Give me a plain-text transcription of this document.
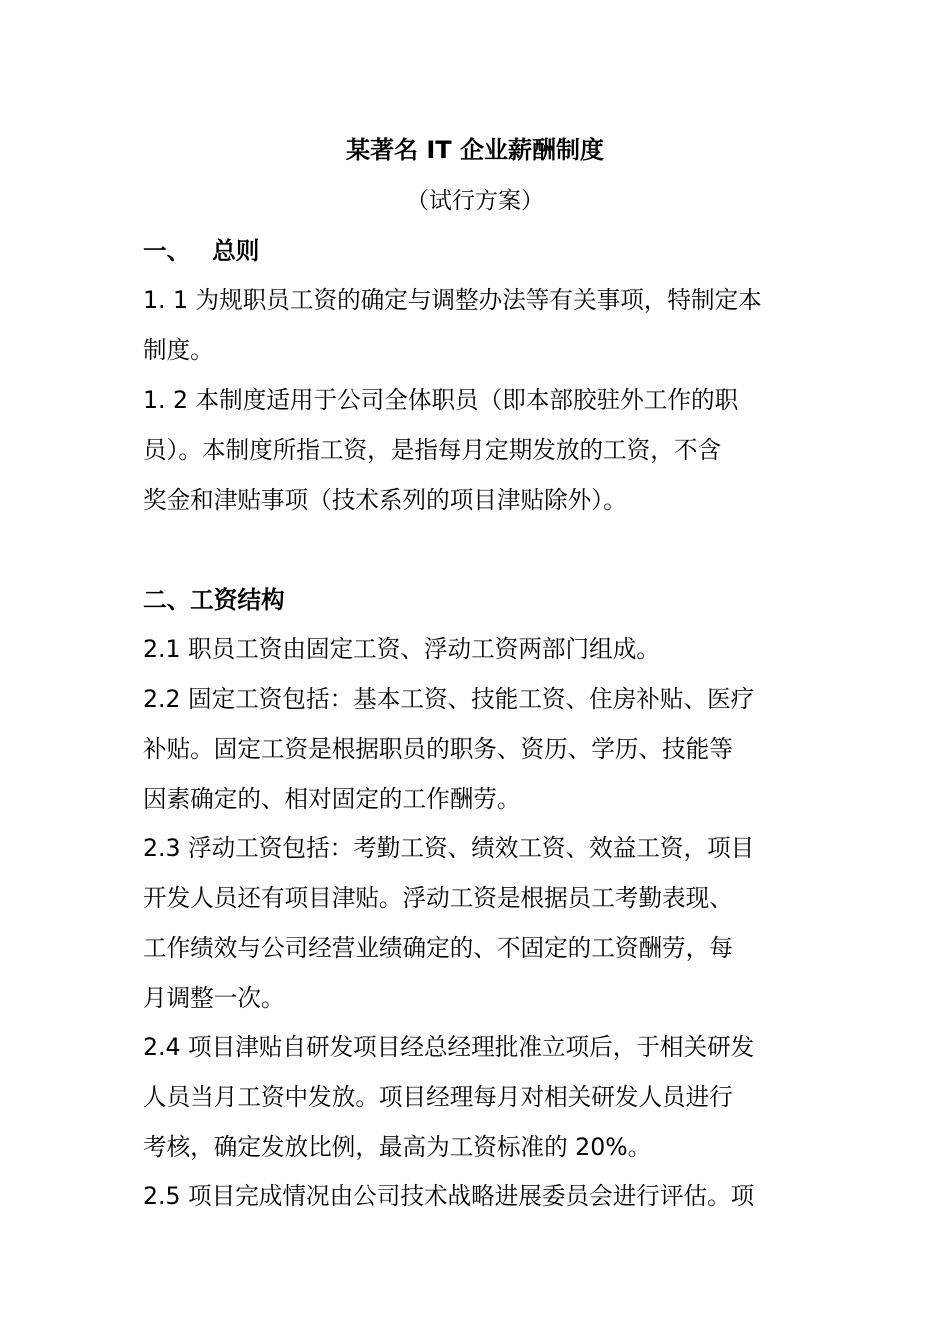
某著名 IT 企业薪酬制度
（试行方案）
一、 总则
1. 1 为规职员工资的确定与调整办法等有关事项，特制定本
制度。
1. 2 本制度适用于公司全体职员（即本部胶驻外工作的职
员）。本制度所指工资，是指每月定期发放的工资，不含
奖金和津贴事项（技术系列的项目津贴除外）。
二、工资结构
2.1 职员工资由固定工资、浮动工资两部门组成。
2.2 固定工资包括：基本工资、技能工资、住房补贴、医疗
补贴。固定工资是根据职员的职务、资历、学历、技能等
因素确定的、相对固定的工作酬劳。
2.3 浮动工资包括：考勤工资、绩效工资、效益工资，项目
开发人员还有项目津贴。浮动工资是根据员工考勤表现、
工作绩效与公司经营业绩确定的、不固定的工资酬劳，每
月调整一次。
2.4 项目津贴自研发项目经总经理批准立项后，于相关研发
人员当月工资中发放。项目经理每月对相关研发人员进行
考核，确定发放比例，最高为工资标准的 20%。
2.5 项目完成情况由公司技术战略进展委员会进行评估。项
